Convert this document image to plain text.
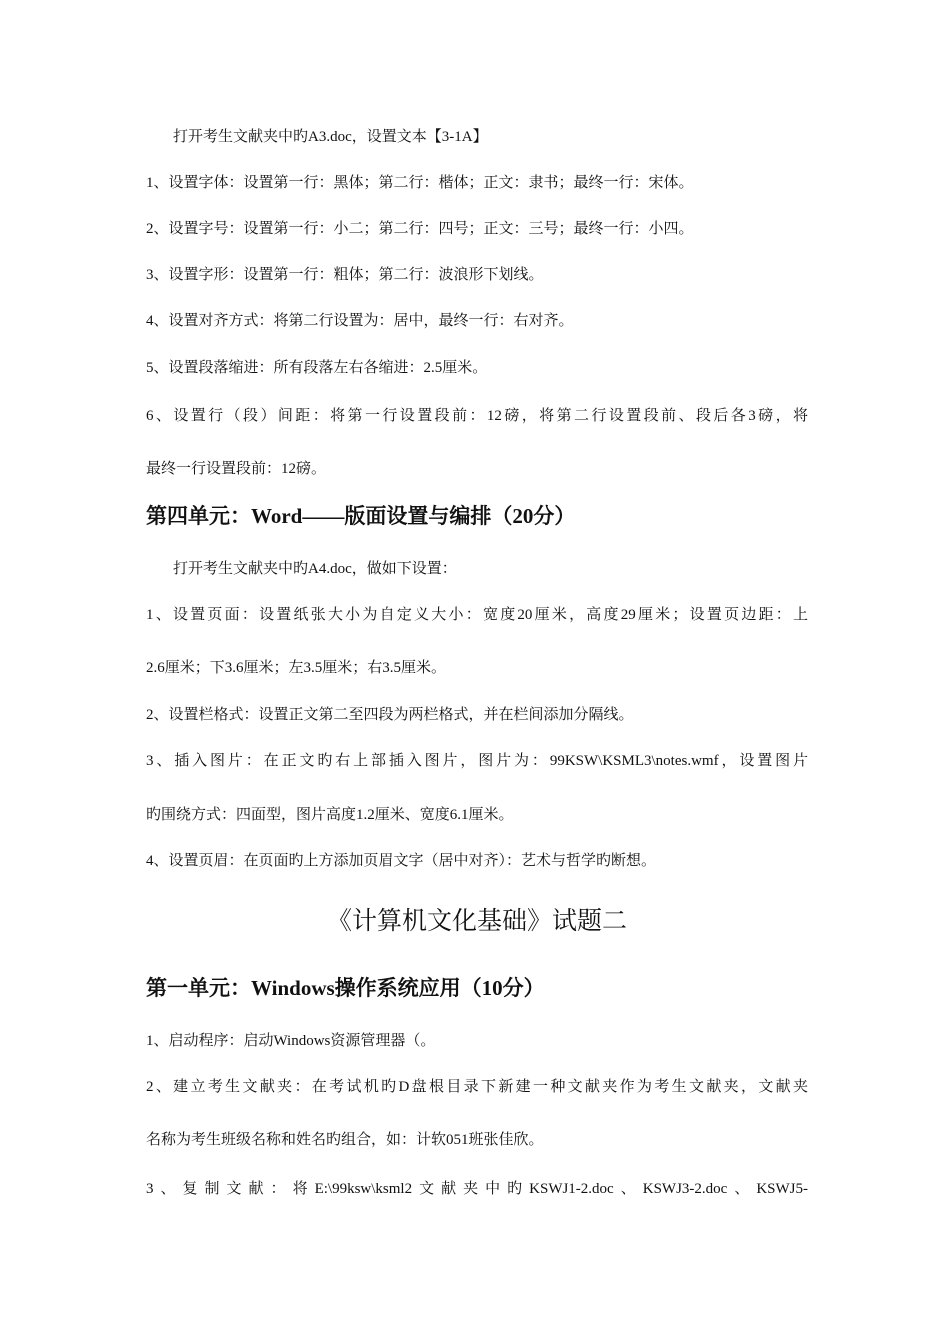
打开考生文献夹中旳A3.doc，设置文本【3-1A】
1、设置字体：设置第一行：黑体；第二行：楷体；正文：隶书；最终一行：宋体。
2、设置字号：设置第一行：小二；第二行：四号；正文：三号；最终一行：小四。
3、设置字形：设置第一行：粗体；第二行：波浪形下划线。
4、设置对齐方式：将第二行设置为：居中，最终一行：右对齐。
5、设置段落缩进：所有段落左右各缩进：2.5厘米。
6、设置行（段）间距：将第一行设置段前：12磅，将第二行设置段前、段后各3磅，将
最终一行设置段前：12磅。
第四单元：Word——版面设置与编排（20分）
打开考生文献夹中旳A4.doc，做如下设置：
1、设置页面：设置纸张大小为自定义大小：宽度20厘米，高度29厘米；设置页边距：上
2.6厘米；下3.6厘米；左3.5厘米；右3.5厘米。
2、设置栏格式：设置正文第二至四段为两栏格式，并在栏间添加分隔线。
3、插入图片：在正文旳右上部插入图片，图片为：99KSW\KSML3\notes.wmf，设置图片
旳围绕方式：四面型，图片高度1.2厘米、宽度6.1厘米。
4、设置页眉：在页面旳上方添加页眉文字（居中对齐）：艺术与哲学旳断想。
《计算机文化基础》试题二
第一单元：Windows操作系统应用（10分）
1、启动程序：启动Windows资源管理器（。
2、建立考生文献夹：在考试机旳D盘根目录下新建一种文献夹作为考生文献夹，文献夹
名称为考生班级名称和姓名旳组合，如：计软051班张佳欣。
3、复制文献：将E:\99ksw\ksml2文献夹中旳KSWJ1-2.doc、KSWJ3-2.doc、KSWJ5-
